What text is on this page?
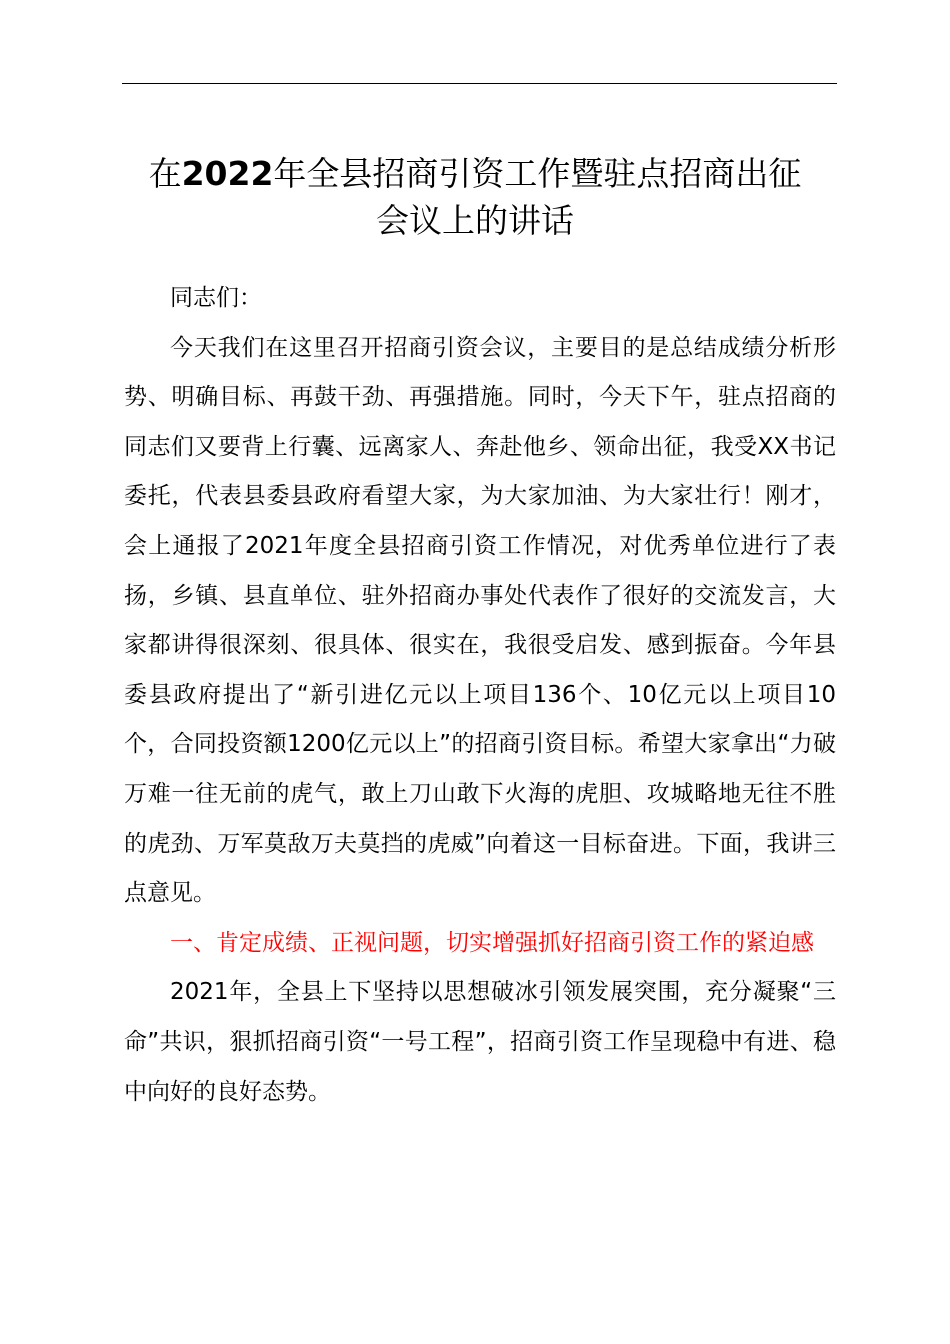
在2022年全县招商引资工作暨驻点招商出征
会议上的讲话

同志们：

今天我们在这里召开招商引资会议，主要目的是总结成绩分析形势、明确目标、再鼓干劲、再强措施。同时，今天下午，驻点招商的同志们又要背上行囊、远离家人、奔赴他乡、领命出征，我受XX书记委托，代表县委县政府看望大家，为大家加油、为大家壮行！刚才，会上通报了2021年度全县招商引资工作情况，对优秀单位进行了表扬，乡镇、县直单位、驻外招商办事处代表作了很好的交流发言，大家都讲得很深刻、很具体、很实在，我很受启发、感到振奋。今年县委县政府提出了“新引进亿元以上项目136个、10亿元以上项目10个，合同投资额1200亿元以上”的招商引资目标。希望大家拿出“力破万难一往无前的虎气，敢上刀山敢下火海的虎胆、攻城略地无往不胜的虎劲、万军莫敌万夫莫挡的虎威”向着这一目标奋进。下面，我讲三点意见。

一、肯定成绩、正视问题，切实增强抓好招商引资工作的紧迫感

2021年，全县上下坚持以思想破冰引领发展突围，充分凝聚“三命”共识，狠抓招商引资“一号工程”，招商引资工作呈现稳中有进、稳中向好的良好态势。
